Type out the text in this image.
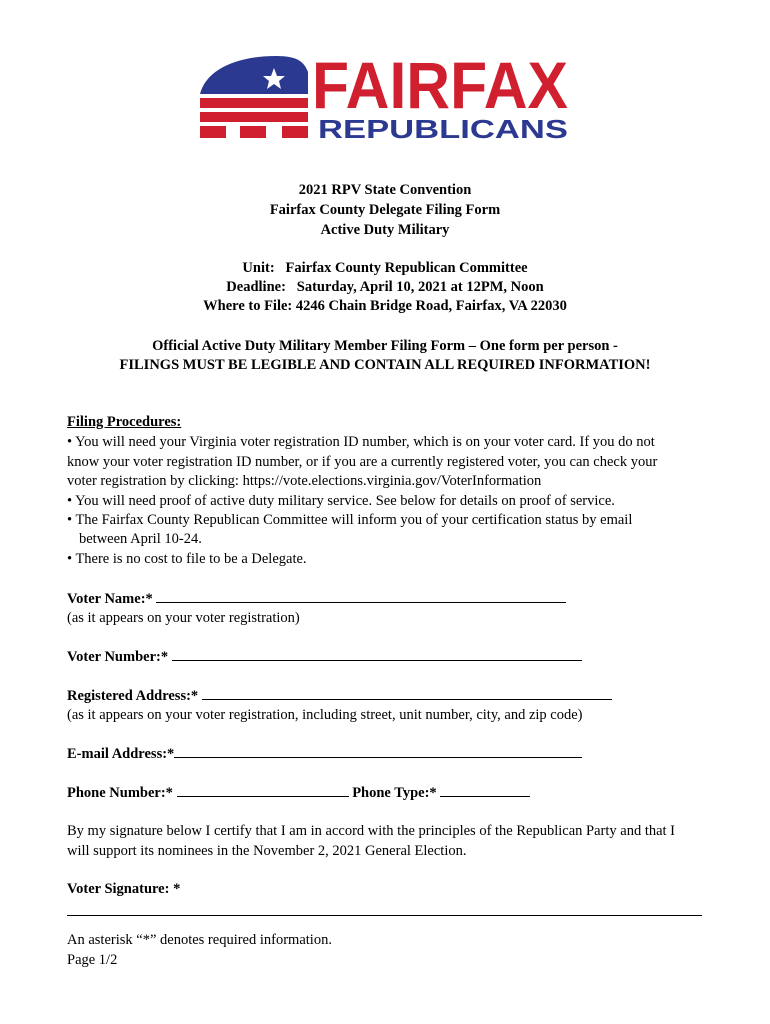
FAIRFAX
REPUBLICANS
2021 RPV State Convention
Fairfax County Delegate Filing Form
Active Duty Military
Unit:   Fairfax County Republican Committee
Deadline:   Saturday, April 10, 2021 at 12PM, Noon
Where to File: 4246 Chain Bridge Road, Fairfax, VA 22030
Official Active Duty Military Member Filing Form – One form per person -
FILINGS MUST BE LEGIBLE AND CONTAIN ALL REQUIRED INFORMATION!
Filing Procedures:
• You will need your Virginia voter registration ID number, which is on your voter card. If you do not
know your voter registration ID number, or if you are a currently registered voter, you can check your
voter registration by clicking: https://vote.elections.virginia.gov/VoterInformation
• You will need proof of active duty military service. See below for details on proof of service.
• The Fairfax County Republican Committee will inform you of your certification status by email
between April 10-24.
• There is no cost to file to be a Delegate.
Voter Name:*
(as it appears on your voter registration)
Voter Number:*
Registered Address:*
(as it appears on your voter registration, including street, unit number, city, and zip code)
E-mail Address:*
Phone Number:*	Phone Type:*
By my signature below I certify that I am in accord with the principles of the Republican Party and that I
will support its nominees in the November 2, 2021 General Election.
Voter Signature: *
An asterisk “*” denotes required information.
Page 1/2
